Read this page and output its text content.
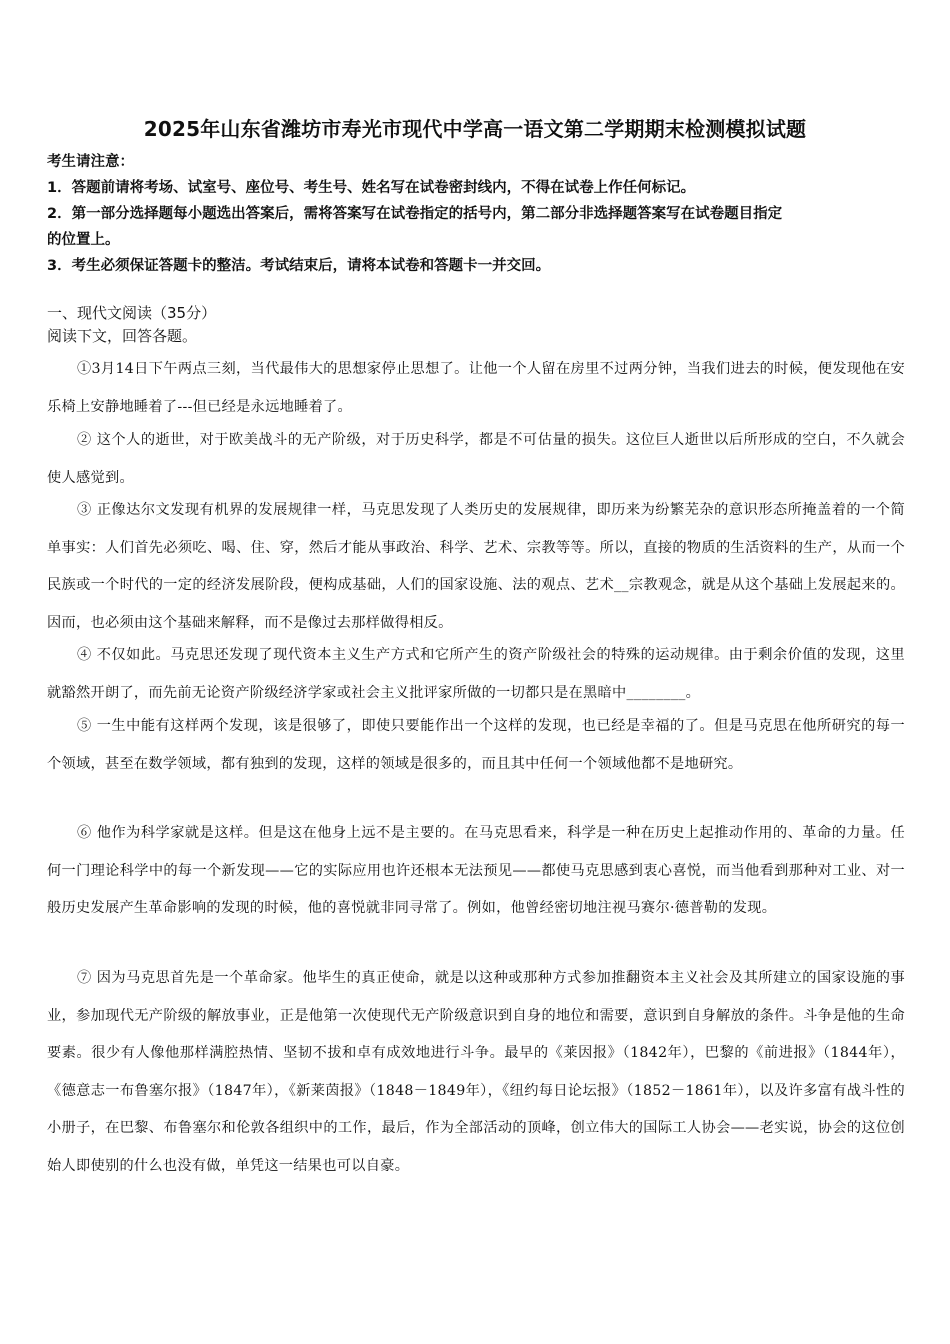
2025年山东省潍坊市寿光市现代中学高一语文第二学期期末检测模拟试题
考生请注意：
1．答题前请将考场、试室号、座位号、考生号、姓名写在试卷密封线内，不得在试卷上作任何标记。
2．第一部分选择题每小题选出答案后，需将答案写在试卷指定的括号内，第二部分非选择题答案写在试卷题目指定
的位置上。
3．考生必须保证答题卡的整洁。考试结束后，请将本试卷和答题卡一并交回。
一、现代文阅读（35分）
阅读下文，回答各题。
①3月14日下午两点三刻，当代最伟大的思想家停止思想了。让他一个人留在房里不过两分钟，当我们进去的时候，便发现他在安乐椅上安静地睡着了---但已经是永远地睡着了。
② 这个人的逝世，对于欧美战斗的无产阶级，对于历史科学，都是不可估量的损失。这位巨人逝世以后所形成的空白，不久就会使人感觉到。
③ 正像达尔文发现有机界的发展规律一样，马克思发现了人类历史的发展规律，即历来为纷繁芜杂的意识形态所掩盖着的一个简单事实：人们首先必须吃、喝、住、穿，然后才能从事政治、科学、艺术、宗教等等。所以，直接的物质的生活资料的生产，从而一个民族或一个时代的一定的经济发展阶段，便构成基础，人们的国家设施、法的观点、艺术__宗教观念，就是从这个基础上发展起来的。因而，也必须由这个基础来解释，而不是像过去那样做得相反。
④ 不仅如此。马克思还发现了现代资本主义生产方式和它所产生的资产阶级社会的特殊的运动规律。由于剩余价值的发现，这里就豁然开朗了，而先前无论资产阶级经济学家或社会主义批评家所做的一切都只是在黑暗中________。
⑤ 一生中能有这样两个发现，该是很够了，即使只要能作出一个这样的发现，也已经是幸福的了。但是马克思在他所研究的每一个领域，甚至在数学领域，都有独到的发现，这样的领域是很多的，而且其中任何一个领域他都不是地研究。
⑥ 他作为科学家就是这样。但是这在他身上远不是主要的。在马克思看来，科学是一种在历史上起推动作用的、革命的力量。任何一门理论科学中的每一个新发现——它的实际应用也许还根本无法预见——都使马克思感到衷心喜悦，而当他看到那种对工业、对一般历史发展产生革命影响的发现的时候，他的喜悦就非同寻常了。例如，他曾经密切地注视马赛尔·德普勒的发现。
⑦ 因为马克思首先是一个革命家。他毕生的真正使命，就是以这种或那种方式参加推翻资本主义社会及其所建立的国家设施的事业，参加现代无产阶级的解放事业，正是他第一次使现代无产阶级意识到自身的地位和需要，意识到自身解放的条件。斗争是他的生命要素。很少有人像他那样满腔热情、坚韧不拔和卓有成效地进行斗争。最早的《莱因报》（1842年），巴黎的《前进报》（1844年），《德意志一布鲁塞尔报》（1847年），《新莱茵报》（1848－1849年），《纽约每日论坛报》（1852－1861年），以及许多富有战斗性的小册子，在巴黎、布鲁塞尔和伦敦各组织中的工作，最后，作为全部活动的顶峰，创立伟大的国际工人协会——老实说，协会的这位创始人即使别的什么也没有做，单凭这一结果也可以自豪。
